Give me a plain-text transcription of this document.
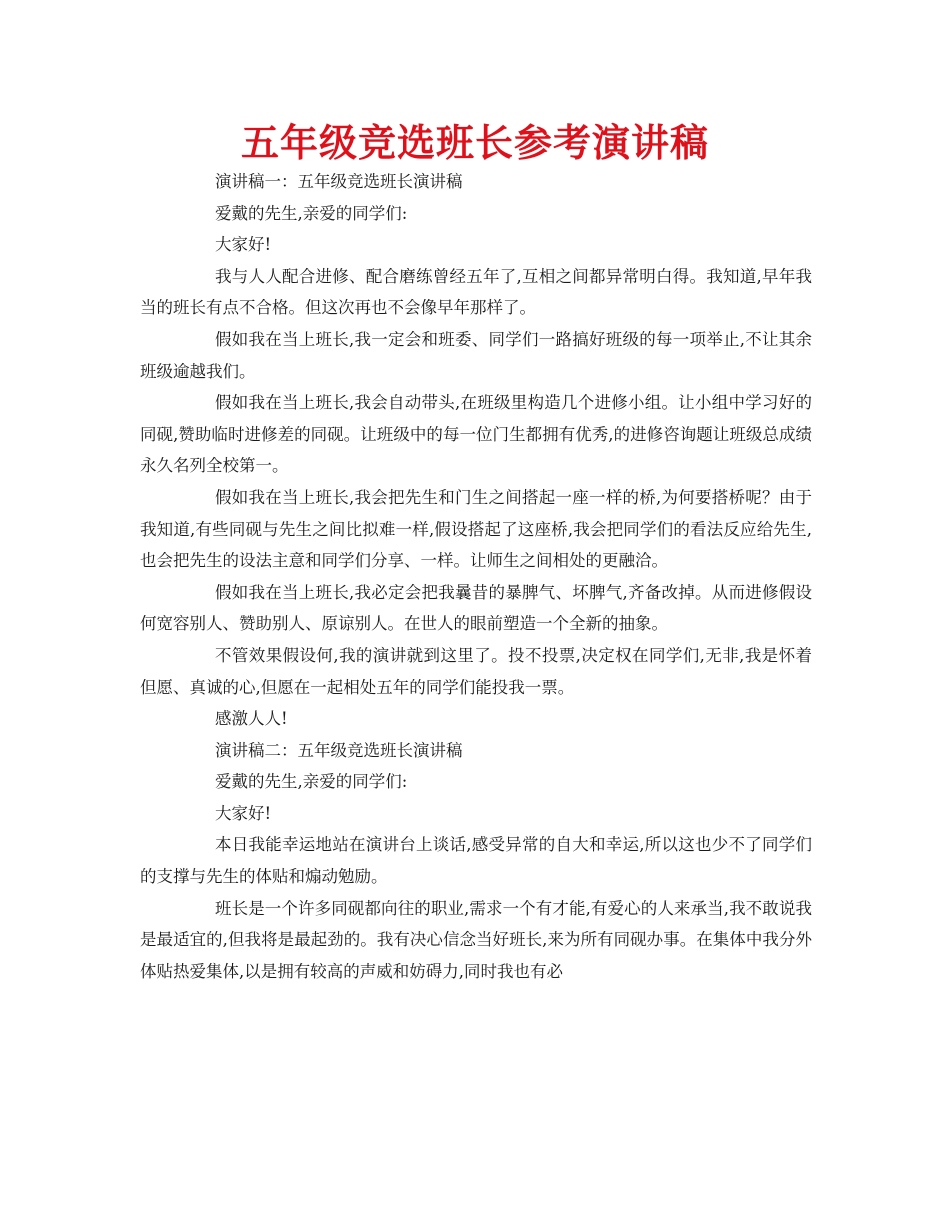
五年级竞选班长参考演讲稿

演讲稿一：五年级竞选班长演讲稿

爱戴的先生,亲爱的同学们:

大家好!

我与人人配合进修、配合磨练曾经五年了,互相之间都异常明白得。我知道,早年我当的班长有点不合格。但这次再也不会像早年那样了。

假如我在当上班长,我一定会和班委、同学们一路搞好班级的每一项举止,不让其余班级逾越我们。

假如我在当上班长,我会自动带头,在班级里构造几个进修小组。让小组中学习好的同砚,赞助临时进修差的同砚。让班级中的每一位门生都拥有优秀,的进修咨询题让班级总成绩永久名列全校第一。

假如我在当上班长,我会把先生和门生之间搭起一座一样的桥,为何要搭桥呢？由于我知道,有些同砚与先生之间比拟难一样,假设搭起了这座桥,我会把同学们的看法反应给先生,也会把先生的设法主意和同学们分享、一样。让师生之间相处的更融洽。

假如我在当上班长,我必定会把我曩昔的暴脾气、坏脾气,齐备改掉。从而进修假设何宽容别人、赞助别人、原谅别人。在世人的眼前塑造一个全新的抽象。

不管效果假设何,我的演讲就到这里了。投不投票,决定权在同学们,无非,我是怀着但愿、真诚的心,但愿在一起相处五年的同学们能投我一票。

感激人人!

演讲稿二：五年级竞选班长演讲稿

爱戴的先生,亲爱的同学们:

大家好!

本日我能幸运地站在演讲台上谈话,感受异常的自大和幸运,所以这也少不了同学们的支撑与先生的体贴和煽动勉励。

班长是一个许多同砚都向往的职业,需求一个有才能,有爱心的人来承当,我不敢说我是最适宜的,但我将是最起劲的。我有决心信念当好班长,来为所有同砚办事。在集体中我分外体贴热爱集体,以是拥有较高的声威和妨碍力,同时我也有必
